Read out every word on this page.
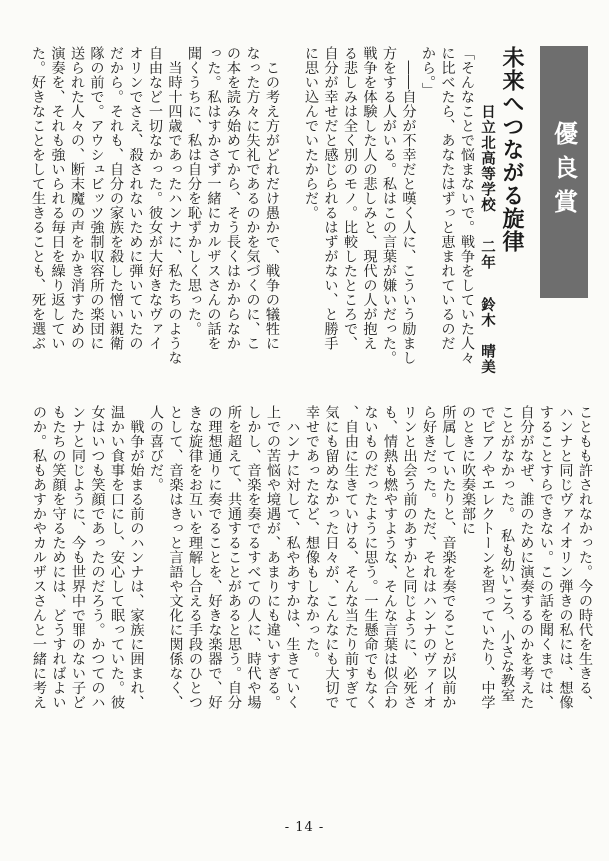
優良賞
未来へつながる旋律
日立北高等学校
二年
鈴木　晴美
「そんなことで悩まないで。戦争をしていた人々
に比べたら、あなたはずっと恵まれているのだ
から。」
　――自分が不幸だと嘆く人に、こういう励まし
方をする人がいる。私はこの言葉が嫌いだった。
戦争を体験した人の悲しみと、現代の人が抱え
る悲しみは全く別のモノ。比較したところで、
自分が幸せだと感じられるはずがない、と勝手
に思い込んでいたからだ。
　この考え方がどれだけ愚かで、戦争の犠牲に
なった方々に失礼であるのかを気づくのに、こ
の本を読み始めてから、そう長くはかからなか
った。私はすかさず一緒にカルザスさんの話を
聞くうちに、私は自分を恥ずかしく思った。
　当時十四歳であったハンナに、私たちのような
自由など一切なかった。彼女が大好きなヴァイ
オリンでさえ、殺されないために弾いていたの
だから。それも、自分の家族を殺した憎い親衛
隊の前で。アウシュビッツ強制収容所の楽団に
送られた人々の、断末魔の声をかき消すための
演奏を、それも強いられる毎日を繰り返してい
た。好きなことをして生きることも、死を選ぶ
こともも許されなかった。今の時代を生きる、
ハンナと同じヴァイオリン弾きの私には、想像
することすらできない。この話を聞くまでは、
自分がなぜ、誰のために演奏するのかを考えた
ことがなかった。　私も幼いころ、小さな教室
でピアノやエレクトーンを習っていたり、中学
のときに吹奏楽部に
所属していたりと、音楽を奏でることが以前か
ら好きだった。ただ、それはハンナのヴァイオ
リンと出会う前のあすかと同じように、必死さ
も、情熱も燃やすような、そんな言葉は似合わ
ないものだったように思う。一生懸命でもなく
、自由に生きていける、そんな当たり前すぎて
気にも留めなかった日々が、こんなにも大切で
幸せであったなど、想像もしなかった。
　ハンナに対して、私やあすかは、生きていく
上での苦悩や境遇が、あまりにも違いすぎる。
しかし、音楽を奏でるすべての人に、時代や場
所を超えて、共通することがあると思う。自分
の理想通りに奏でることを、好きな楽器で、好
きな旋律をお互いを理解し合える手段のひとつ
として、音楽はきっと言語や文化に関係なく、
人の喜びだ。
　戦争が始まる前のハンナは、家族に囲まれ、
温かい食事を口にし、安心して眠っていた。彼
女はいつも笑顔であったのだろう。かつてのハ
ンナと同じように、今も世界中で罪のない子ど
もたちの笑顔を守るためには、どうすればよい
のか。私もあすかやカルザスさんと一緒に考え
- 14 -
